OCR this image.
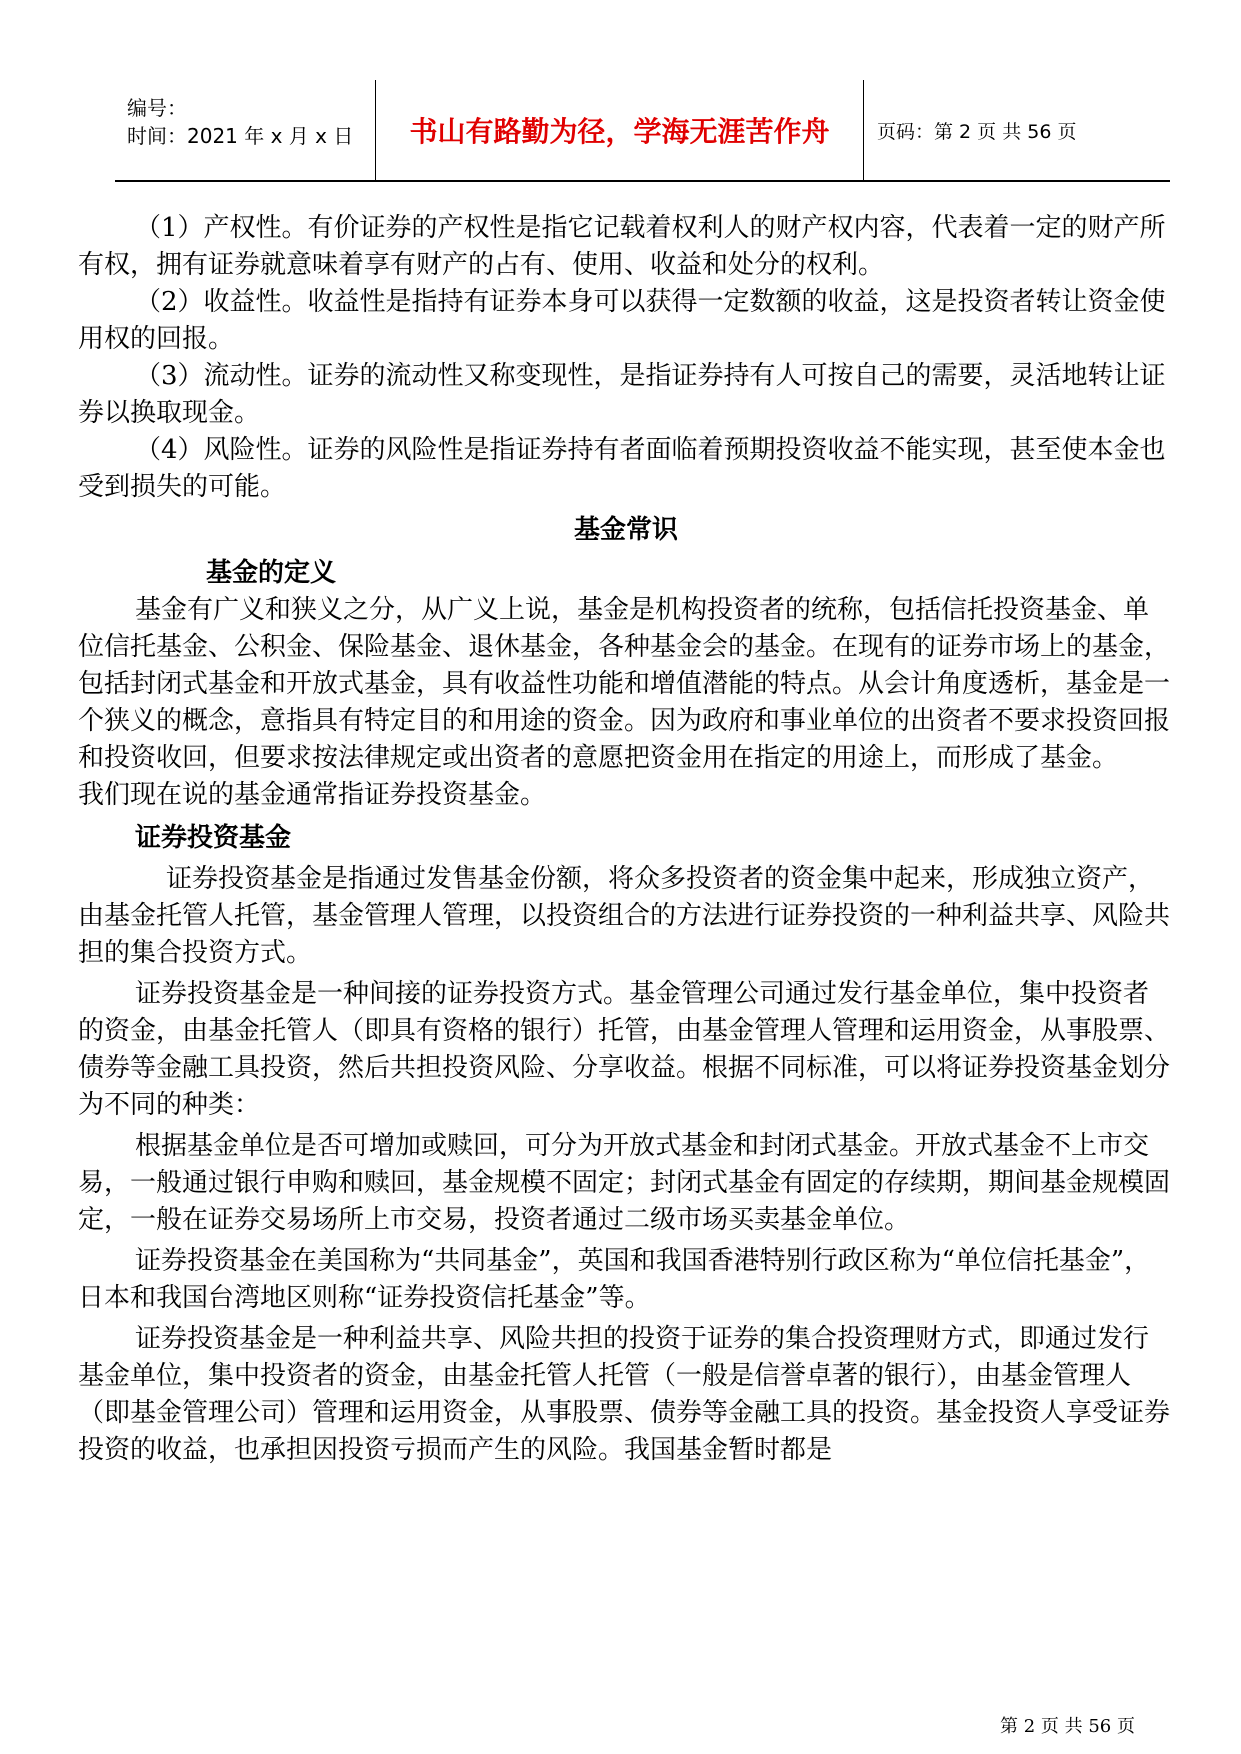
编号：
时间：2021 年 x 月 x 日	书山有路勤为径，学海无涯苦作舟	页码：第 2 页 共 56 页

（1）产权性。有价证券的产权性是指它记载着权利人的财产权内容，代表着一定的财产所有权，拥有证券就意味着享有财产的占有、使用、收益和处分的权利。

（2）收益性。收益性是指持有证券本身可以获得一定数额的收益，这是投资者转让资金使用权的回报。

（3）流动性。证券的流动性又称变现性，是指证券持有人可按自己的需要，灵活地转让证券以换取现金。

（4）风险性。证券的风险性是指证券持有者面临着预期投资收益不能实现，甚至使本金也受到损失的可能。

基金常识

基金的定义

基金有广义和狭义之分，从广义上说，基金是机构投资者的统称，包括信托投资基金、单位信托基金、公积金、保险基金、退休基金，各种基金会的基金。在现有的证券市场上的基金，包括封闭式基金和开放式基金，具有收益性功能和增值潜能的特点。从会计角度透析，基金是一个狭义的概念，意指具有特定目的和用途的资金。因为政府和事业单位的出资者不要求投资回报和投资收回，但要求按法律规定或出资者的意愿把资金用在指定的用途上，而形成了基金。

我们现在说的基金通常指证券投资基金。

证券投资基金

证券投资基金是指通过发售基金份额，将众多投资者的资金集中起来，形成独立资产，由基金托管人托管，基金管理人管理，以投资组合的方法进行证券投资的一种利益共享、风险共担的集合投资方式。

证券投资基金是一种间接的证券投资方式。基金管理公司通过发行基金单位，集中投资者的资金，由基金托管人（即具有资格的银行）托管，由基金管理人管理和运用资金，从事股票、债券等金融工具投资，然后共担投资风险、分享收益。根据不同标准，可以将证券投资基金划分为不同的种类：

根据基金单位是否可增加或赎回，可分为开放式基金和封闭式基金。开放式基金不上市交易，一般通过银行申购和赎回，基金规模不固定；封闭式基金有固定的存续期，期间基金规模固定，一般在证券交易场所上市交易，投资者通过二级市场买卖基金单位。

证券投资基金在美国称为“共同基金”，英国和我国香港特别行政区称为“单位信托基金”，日本和我国台湾地区则称“证券投资信托基金”等。

证券投资基金是一种利益共享、风险共担的投资于证券的集合投资理财方式，即通过发行基金单位，集中投资者的资金，由基金托管人托管（一般是信誉卓著的银行），由基金管理人（即基金管理公司）管理和运用资金，从事股票、债券等金融工具的投资。基金投资人享受证券投资的收益，也承担因投资亏损而产生的风险。我国基金暂时都是

第 2 页 共 56 页
